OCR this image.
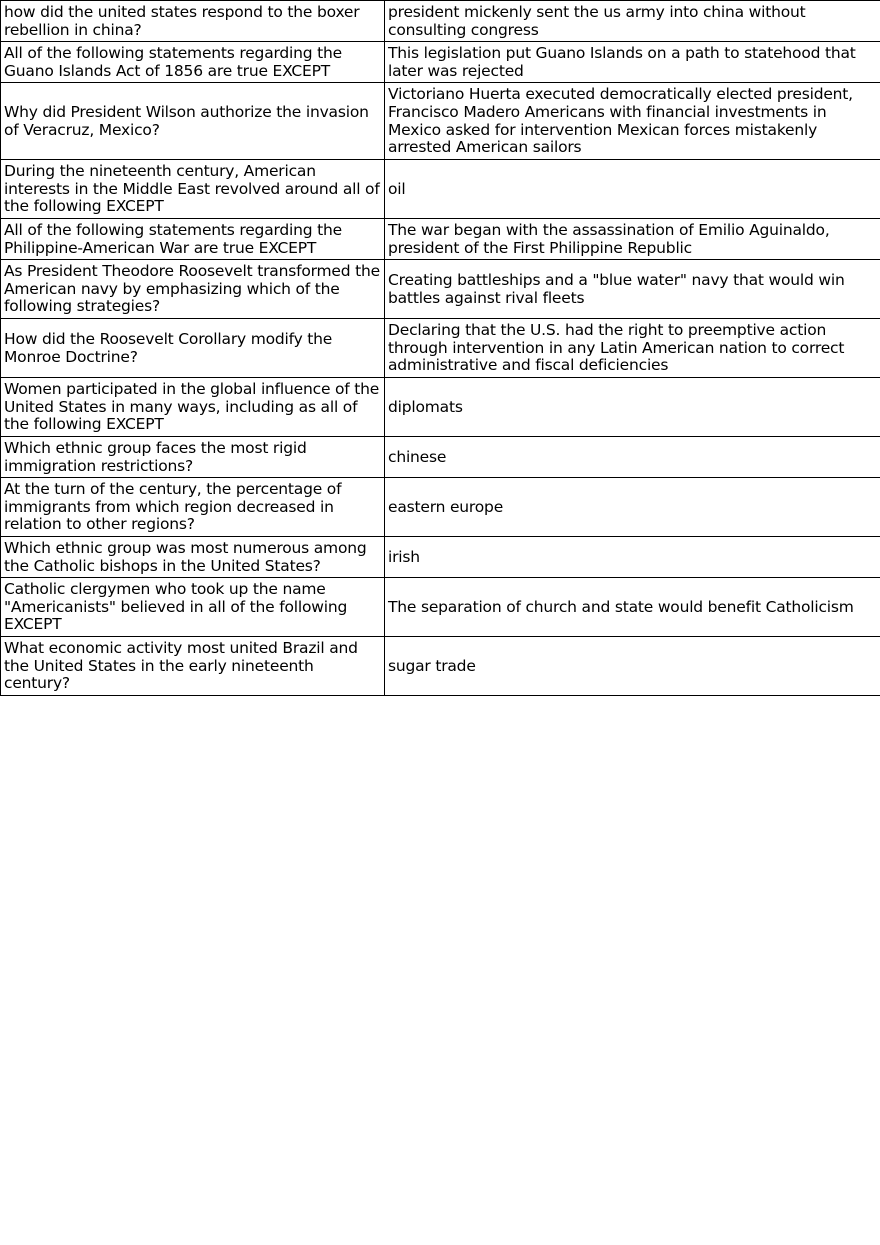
how did the united states respond to the boxer rebellion in china?	president mickenly sent the us army into china without consulting congress
All of the following statements regarding the Guano Islands Act of 1856 are true EXCEPT	This legislation put Guano Islands on a path to statehood that later was rejected
Why did President Wilson authorize the invasion of Veracruz, Mexico?	Victoriano Huerta executed democratically elected president, Francisco Madero Americans with financial investments in Mexico asked for intervention Mexican forces mistakenly arrested American sailors
During the nineteenth century, American interests in the Middle East revolved around all of the following EXCEPT	oil
All of the following statements regarding the Philippine-American War are true EXCEPT	The war began with the assassination of Emilio Aguinaldo, president of the First Philippine Republic
As President Theodore Roosevelt transformed the American navy by emphasizing which of the following strategies?	Creating battleships and a "blue water" navy that would win battles against rival fleets
How did the Roosevelt Corollary modify the Monroe Doctrine?	Declaring that the U.S. had the right to preemptive action through intervention in any Latin American nation to correct administrative and fiscal deficiencies
Women participated in the global influence of the United States in many ways, including as all of the following EXCEPT	diplomats
Which ethnic group faces the most rigid immigration restrictions?	chinese
At the turn of the century, the percentage of immigrants from which region decreased in relation to other regions?	eastern europe
Which ethnic group was most numerous among the Catholic bishops in the United States?	irish
Catholic clergymen who took up the name "Americanists" believed in all of the following EXCEPT	The separation of church and state would benefit Catholicism
What economic activity most united Brazil and the United States in the early nineteenth century?	sugar trade
